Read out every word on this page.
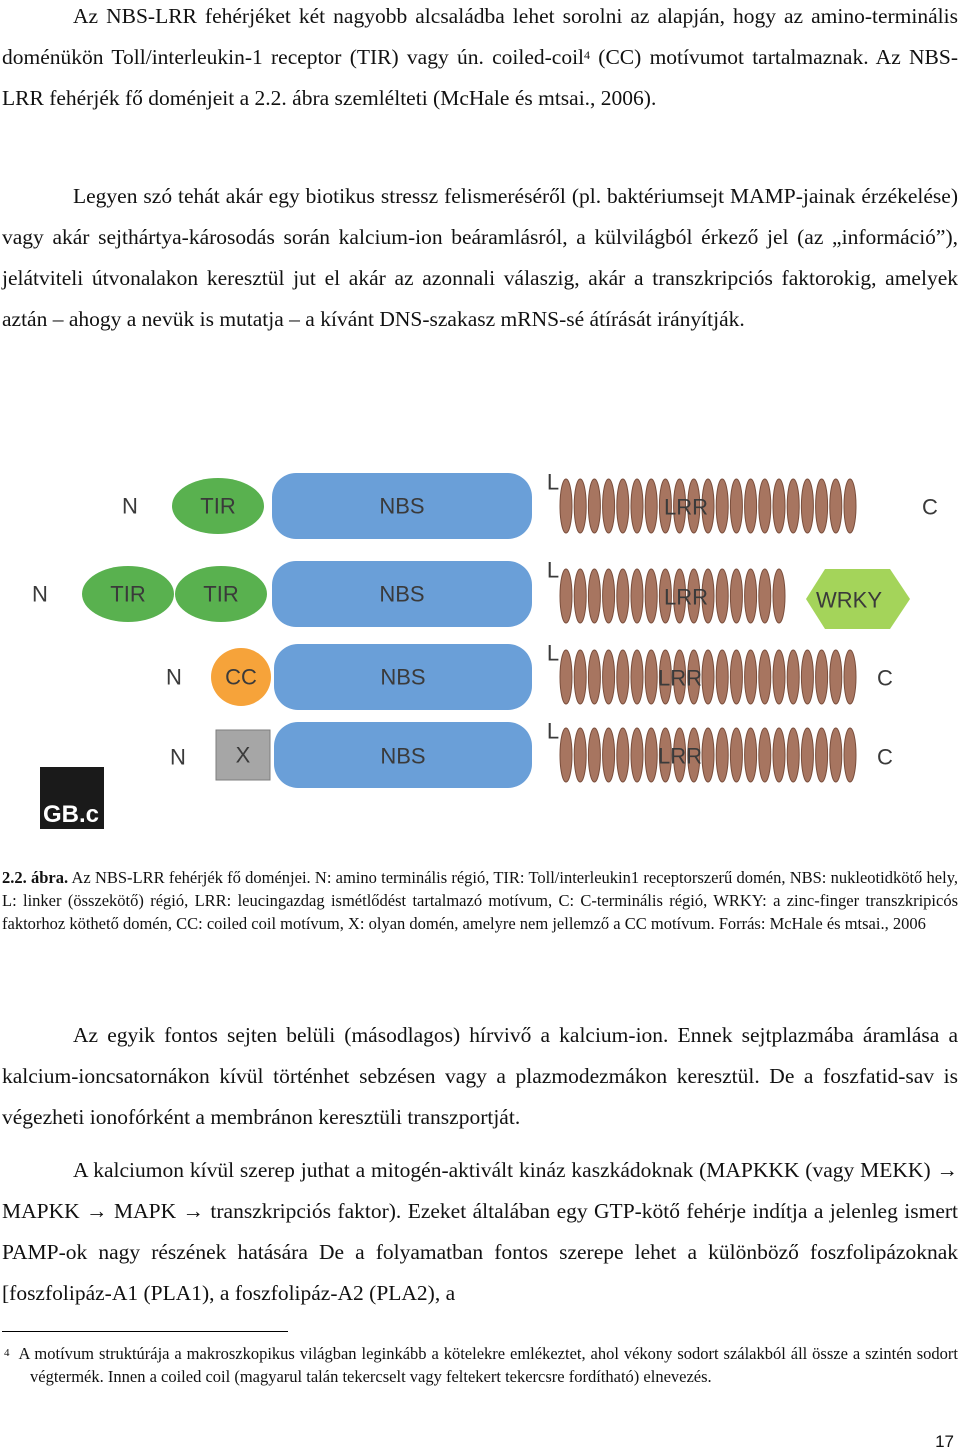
Az NBS-LRR fehérjéket két nagyobb alcsaládba lehet sorolni az alapján, hogy az amino-terminális doménükön Toll/interleukin-1 receptor (TIR) vagy ún. coiled-coil$^4$ (CC) motívumot tartalmaznak. Az NBS-LRR fehérjék fő doménjeit a 2.2. ábra szemlélteti (McHale és mtsai., 2006).

Legyen szó tehát akár egy biotikus stressz felismeréséről (pl. baktériumsejt MAMP-jainak érzékelése) vagy akár sejthártya-károsodás során kalcium-ion beáramlásról, a külvilágból érkező jel (az „információ”), jelátviteli útvonalakon keresztül jut el akár az azonnali válaszig, akár a transzkripciós faktorokig, amelyek aztán – ahogy a nevük is mutatja – a kívánt DNS-szakasz mRNS-sé átírását irányítják.

N	TIR	NBS
L
LRR	C
N	TIR	TIR	NBS
L
LRR	WRKY
N CC	NBS
L
LRR	C
N X	NBS
L
LRR	C
GB.c

2.2. ábra. Az NBS-LRR fehérjék fő doménjei. N: amino terminális régió, TIR: Toll/interleukin1 receptorszerű domén, NBS: nukleotidkötő hely, L: linker (összekötő) régió, LRR: leucingazdag ismétlődést tartalmazó motívum, C: C-terminális régió, WRKY: a zinc-finger transzkripicós faktorhoz köthető domén, CC: coiled coil motívum, X: olyan domén, amelyre nem jellemző a CC motívum. Forrás: McHale és mtsai., 2006

Az egyik fontos sejten belüli (másodlagos) hírvivő a kalcium-ion. Ennek sejtplazmába áramlása a kalcium-ioncsatornákon kívül történhet sebzésen vagy a plazmodezmákon keresztül. De a foszfatid-sav is végezheti ionofórként a membránon keresztüli transzportját.

A kalciumon kívül szerep juthat a mitogén-aktivált kináz kaszkádoknak (MAPKKK (vagy MEKK) → MAPKK → MAPK → transzkripciós faktor). Ezeket általában egy GTP-kötő fehérje indítja a jelenleg ismert PAMP-ok nagy részének hatására De a folyamatban fontos szerepe lehet a különböző foszfolipázoknak [foszfolipáz-A1 (PLA1), a foszfolipáz-A2 (PLA2), a

$^4$ A motívum struktúrája a makroszkopikus világban leginkább a kötelekre emlékeztet, ahol vékony sodort szálakból áll össze a szintén sodort végtermék. Innen a coiled coil (magyarul talán tekercselt vagy feltekert tekercsre fordítható) elnevezés.

17
